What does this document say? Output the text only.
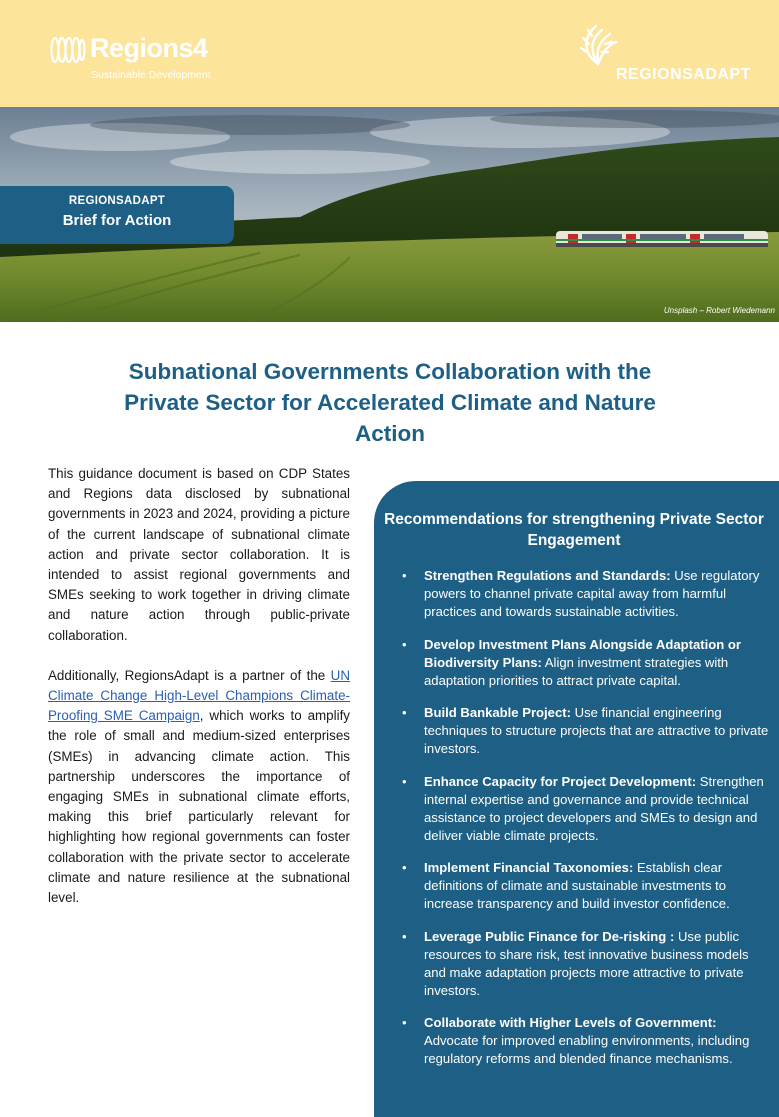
Regions4
Sustainable Development	REGIONSADAPT
REGIONSADAPT
Brief for Action
Unsplash – Robert Wiedemann
Subnational Governments Collaboration with the Private Sector for Accelerated Climate and Nature Action

This guidance document is based on CDP States and Regions data disclosed by subnational governments in 2023 and 2024, providing a picture of the current landscape of subnational climate action and private sector collaboration. It is intended to assist regional governments and SMEs seeking to work together in driving climate and nature action through public-private collaboration.

Additionally, RegionsAdapt is a partner of the UN Climate Change High-Level Champions Climate-Proofing SME Campaign, which works to amplify the role of small and medium-sized enterprises (SMEs) in advancing climate action. This partnership underscores the importance of engaging SMEs in subnational climate efforts, making this brief particularly relevant for highlighting how regional governments can foster collaboration with the private sector to accelerate climate and nature resilience at the subnational level.

Recommendations for strengthening Private Sector Engagement
• Strengthen Regulations and Standards: Use regulatory powers to channel private capital away from harmful practices and towards sustainable activities.
• Develop Investment Plans Alongside Adaptation or Biodiversity Plans: Align investment strategies with adaptation priorities to attract private capital.
• Build Bankable Project: Use financial engineering techniques to structure projects that are attractive to private investors.
• Enhance Capacity for Project Development: Strengthen internal expertise and governance and provide technical assistance to project developers and SMEs to design and deliver viable climate projects.
• Implement Financial Taxonomies: Establish clear definitions of climate and sustainable investments to increase transparency and build investor confidence.
• Leverage Public Finance for De-risking : Use public resources to share risk, test innovative business models and make adaptation projects more attractive to private investors.
• Collaborate with Higher Levels of Government: Advocate for improved enabling environments, including regulatory reforms and blended finance mechanisms.
